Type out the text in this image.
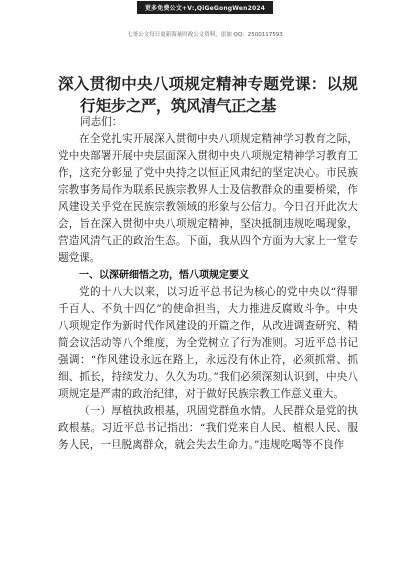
更多免费公文+V:,QiGeGongWen2024
七哥公文每日更新海量时政公文资料，添加 QQ：2500117593
深入贯彻中央八项规定精神专题党课：以规
行矩步之严，筑风清气正之基
同志们：

在全党扎实开展深入贯彻中央八项规定精神学习教育之际，党中央部署开展中央层面深入贯彻中央八项规定精神学习教育工作，这充分彰显了党中央持之以恒正风肃纪的坚定决心。市民族宗教事务局作为联系民族宗教界人士及信教群众的重要桥梁，作风建设关乎党在民族宗教领域的形象与公信力。今日召开此次大会，旨在深入贯彻中央八项规定精神，坚决抵制违规吃喝现象，营造风清气正的政治生态。下面，我从四个方面为大家上一堂专题党课。

一、以深研细悟之功，悟八项规定要义

党的十八大以来，以习近平总书记为核心的党中央以“得罪千百人、不负十四亿”的使命担当，大力推进反腐败斗争。中央八项规定作为新时代作风建设的开篇之作，从改进调查研究、精简会议活动等八个维度，为全党树立了行为准则。习近平总书记强调：“作风建设永远在路上，永远没有休止符，必须抓常、抓细、抓长，持续发力、久久为功。”我们必须深刻认识到，中央八项规定是严肃的政治纪律，对于做好民族宗教工作意义重大。

（一）厚植执政根基，巩固党群鱼水情。人民群众是党的执政根基。习近平总书记指出：“我们党来自人民、植根人民、服务人民，一旦脱离群众，就会失去生命力。”违规吃喝等不良作
